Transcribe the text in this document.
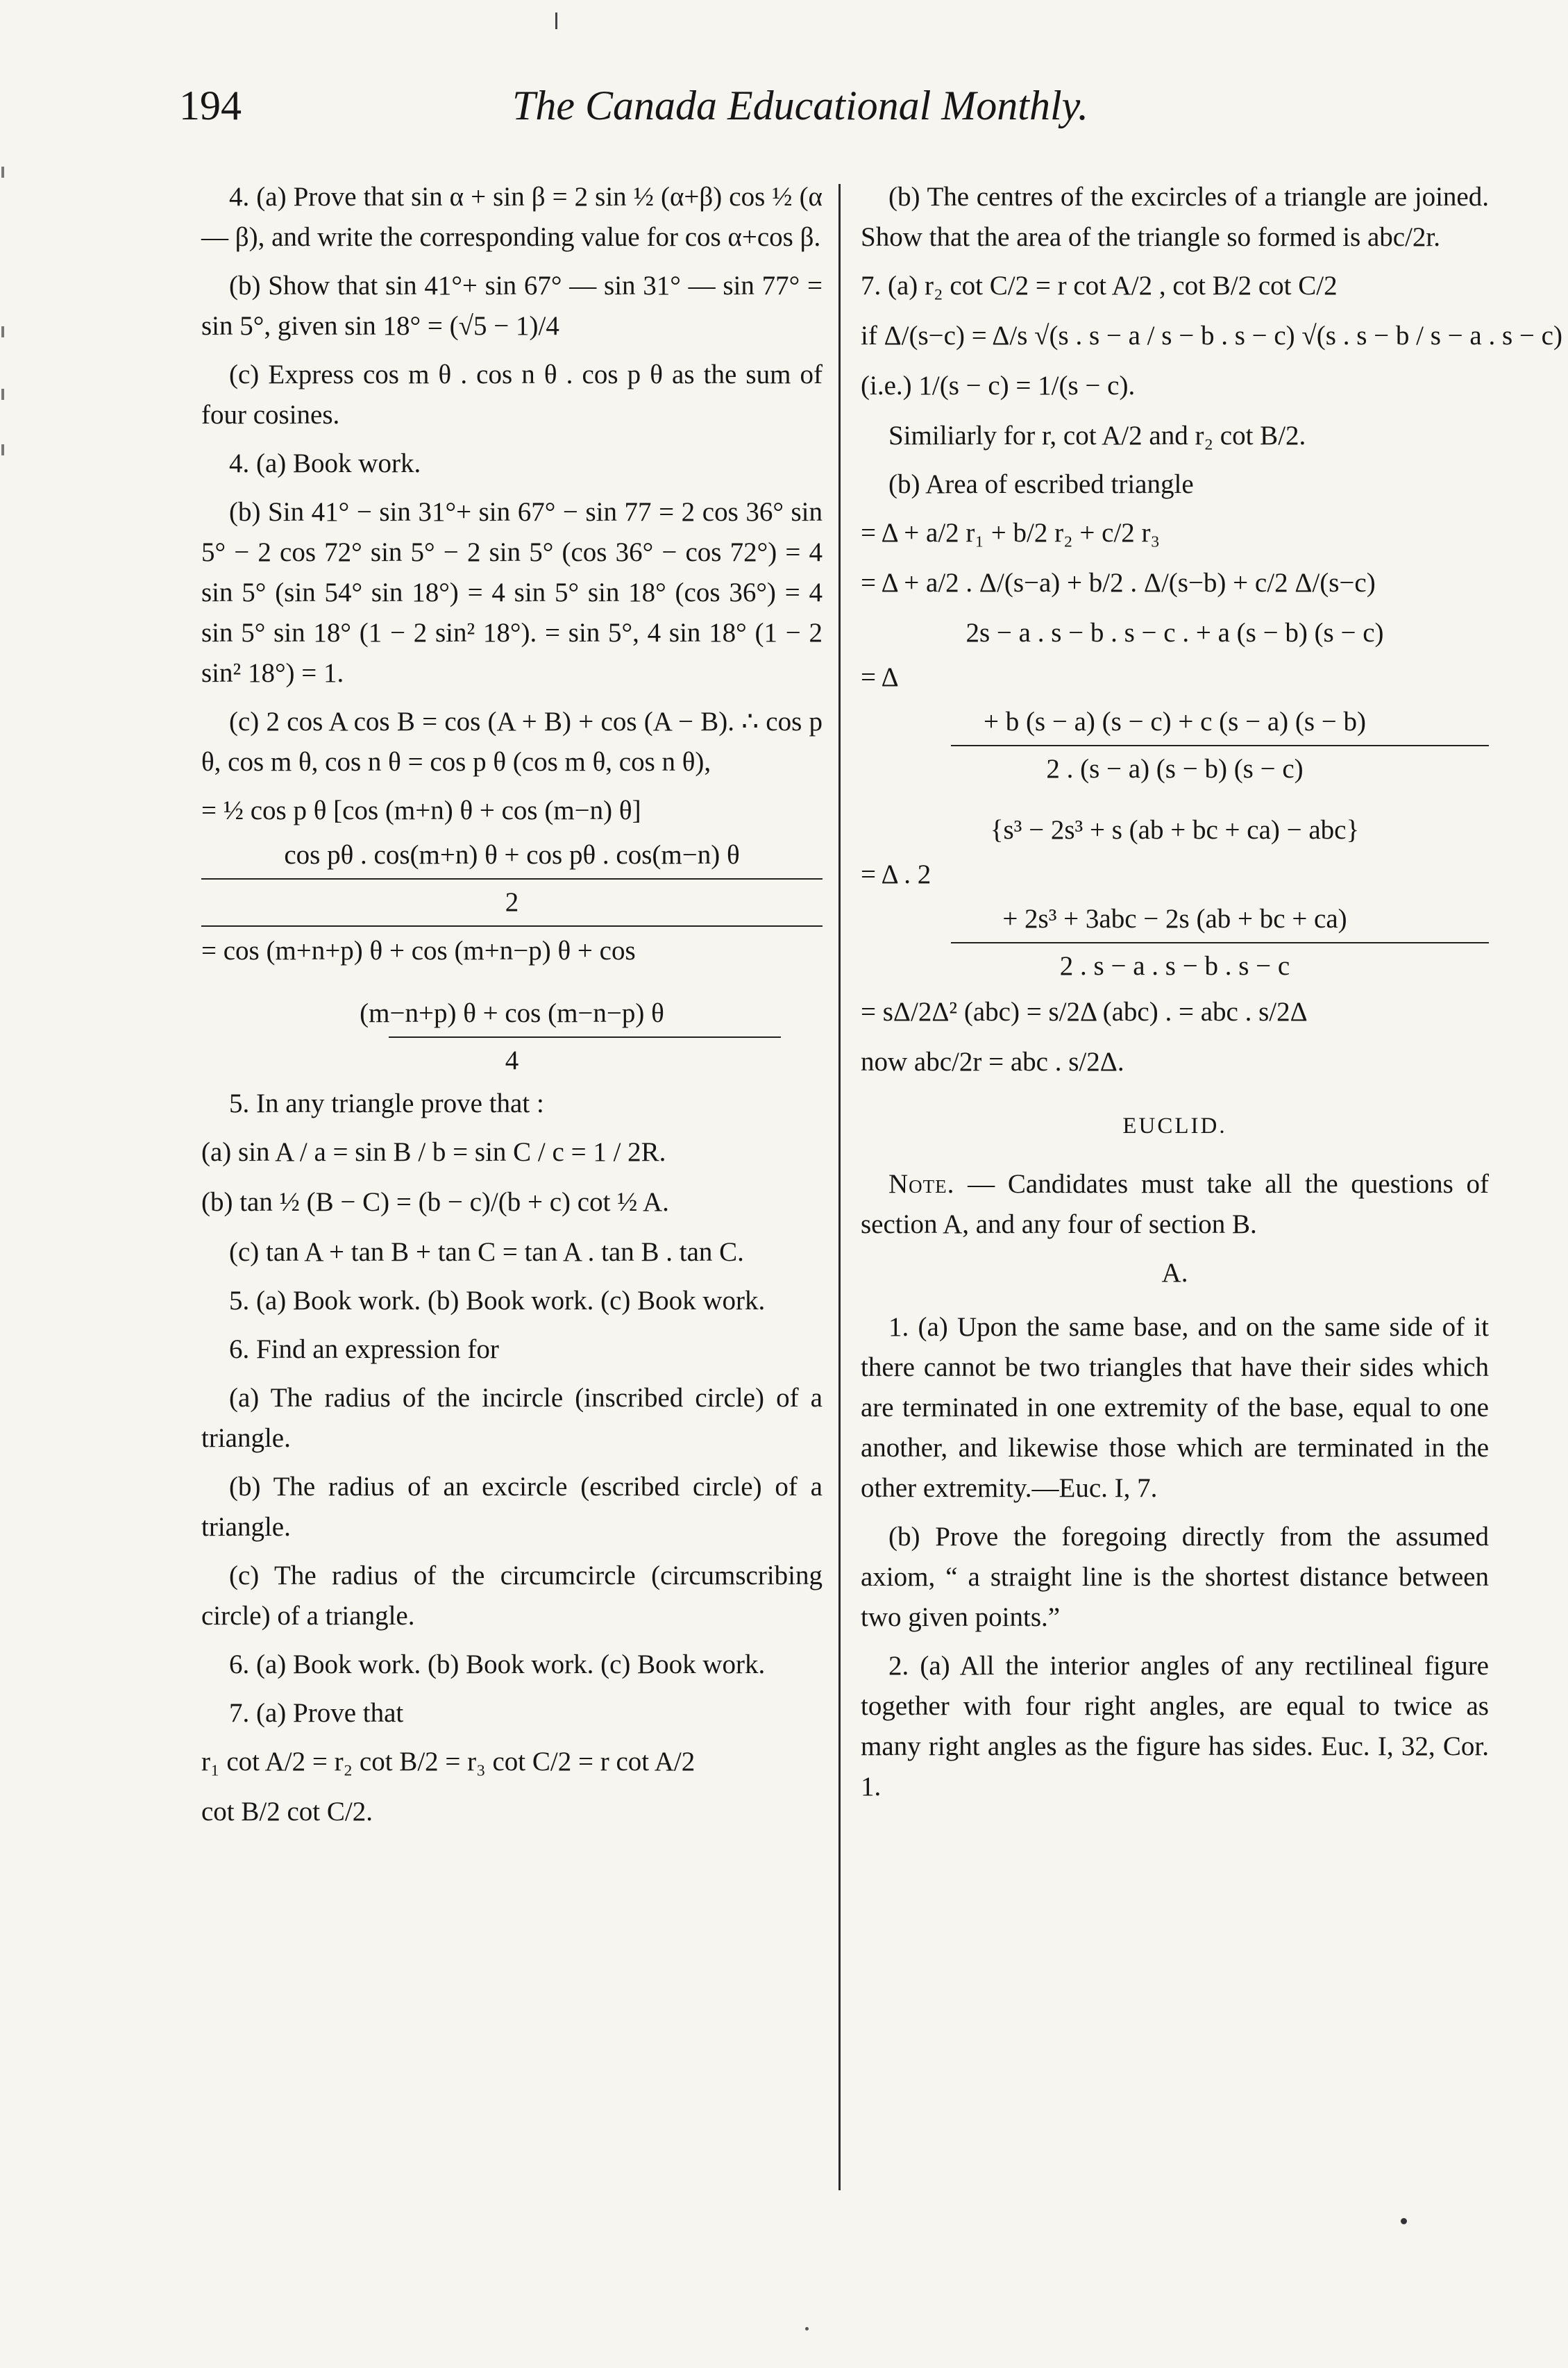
194	The Canada Educational Monthly.

4. (a) Prove that sin α + sin β = 2 sin ½ (α+β) cos ½ (α — β), and write the corresponding value for cos α+cos β.

(b) Show that sin 41°+ sin 67° — sin 31° — sin 77° = sin 5°, given sin 18° = (√5 − 1)/4

(c) Express cos m θ . cos n θ . cos p θ as the sum of four cosines.

4. (a) Book work.

(b) Sin 41° − sin 31°+ sin 67° − sin 77 = 2 cos 36° sin 5° − 2 cos 72° sin 5° − 2 sin 5° (cos 36° − cos 72°) = 4 sin 5° (sin 54° sin 18°) = 4 sin 5° sin 18° (cos 36°) = 4 sin 5° sin 18° (1 − 2 sin² 18°). = sin 5°, 4 sin 18° (1 − 2 sin² 18°) = 1.

(c) 2 cos A cos B = cos (A + B) + cos (A − B). ∴ cos p θ, cos m θ, cos n θ = cos p θ (cos m θ, cos n θ),

= ½ cos p θ [cos (m+n) θ + cos (m−n) θ]
cos pθ . cos(m+n) θ + cos pθ . cos(m−n) θ
2
= cos (m+n+p) θ + cos (m+n−p) θ + cos
(m−n+p) θ + cos (m−n−p) θ
4

5. In any triangle prove that :

(a) sin A / a = sin B / b = sin C / c = 1 / 2R.
(b) tan ½ (B − C) = (b − c)/(b + c) cot ½ A.

(c) tan A + tan B + tan C = tan A . tan B . tan C.

5. (a) Book work. (b) Book work. (c) Book work.

6. Find an expression for

(a) The radius of the incircle (inscribed circle) of a triangle.

(b) The radius of an excircle (escribed circle) of a triangle.

(c) The radius of the circumcircle (circumscribing circle) of a triangle.

6. (a) Book work. (b) Book work. (c) Book work.

7. (a) Prove that

r₁ cot A/2 = r₂ cot B/2 = r₃ cot C/2 = r cot A/2
cot B/2 cot C/2.

(b) The centres of the excircles of a triangle are joined. Show that the area of the triangle so formed is abc/2r.

7. (a) r₂ cot C/2 = r cot A/2 , cot B/2 cot C/2
if Δ/(s−c) = Δ/s √(s . s − a / s − b . s − c) √(s . s − b / s − a . s − c)
(i.e.) 1/(s − c) = 1/(s − c).

Similiarly for r, cot A/2 and r₂ cot B/2.

(b) Area of escribed triangle

= Δ + a/2 r₁ + b/2 r₂ + c/2 r₃
= Δ + a/2 . Δ/(s−a) + b/2 . Δ/(s−b) + c/2 Δ/(s−c)
2s − a . s − b . s − c . + a (s − b) (s − c)
= Δ
+ b (s − a) (s − c) + c (s − a) (s − b)
2 . (s − a) (s − b) (s − c)
{s³ − 2s³ + s (ab + bc + ca) − abc}
= Δ . 2
+ 2s³ + 3abc − 2s (ab + bc + ca)
2 . s − a . s − b . s − c
= sΔ/2Δ² (abc) = s/2Δ (abc) . = abc . s/2Δ
now abc/2r = abc . s/2Δ.
EUCLID.

Note. — Candidates must take all the questions of section A, and any four of section B.

A.

1. (a) Upon the same base, and on the same side of it there cannot be two triangles that have their sides which are terminated in one extremity of the base, equal to one another, and likewise those which are terminated in the other extremity.—Euc. I, 7.

(b) Prove the foregoing directly from the assumed axiom, “ a straight line is the shortest distance between two given points.”

2. (a) All the interior angles of any rectilineal figure together with four right angles, are equal to twice as many right angles as the figure has sides. Euc. I, 32, Cor. 1.
